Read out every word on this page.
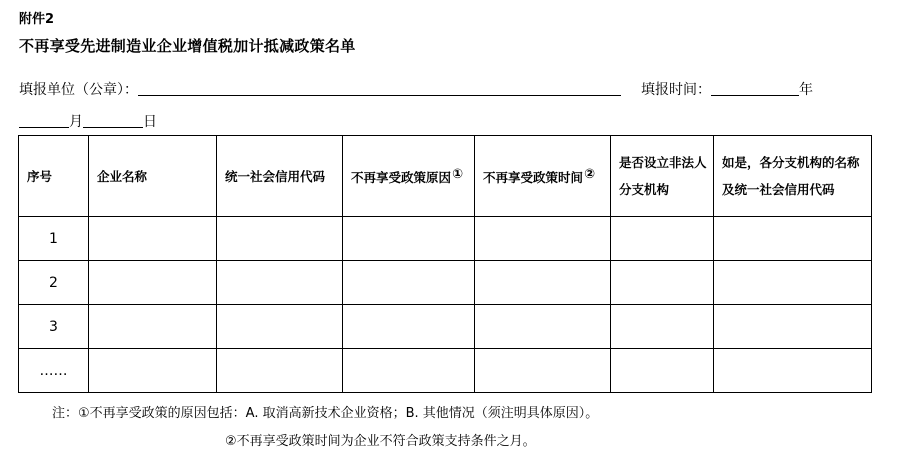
附件2
不再享受先进制造业企业增值税加计抵减政策名单
填报单位（公章）：	填报时间：	年
月	日
序号	企业名称	统一社会信用代码	不再享受政策原因①	不再享受政策时间②	是否设立非法人分支机构	如是，各分支机构的名称及统一社会信用代码
1						
2						
3						
……						
注：①不再享受政策的原因包括：A. 取消高新技术企业资格；B. 其他情况（须注明具体原因）。
②不再享受政策时间为企业不符合政策支持条件之月。
